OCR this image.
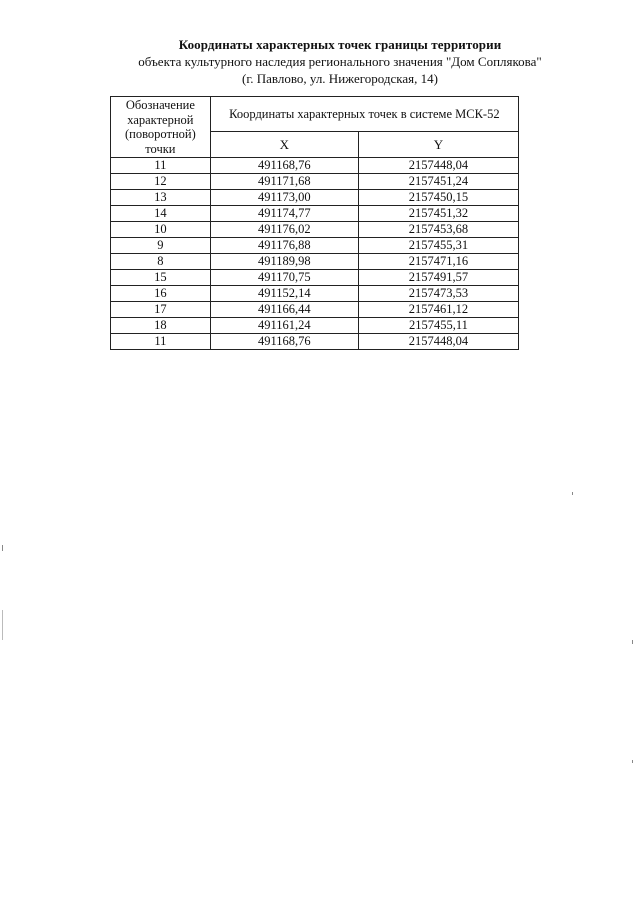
Координаты характерных точек границы территории
объекта культурного наследия регионального значения "Дом Соплякова"
(г. Павлово, ул. Нижегородская, 14)
Обозначение характерной (поворотной) точки	Координаты характерных точек в системе МСК-52	
	X	Y
11	491168,76	2157448,04
12	491171,68	2157451,24
13	491173,00	2157450,15
14	491174,77	2157451,32
10	491176,02	2157453,68
9	491176,88	2157455,31
8	491189,98	2157471,16
15	491170,75	2157491,57
16	491152,14	2157473,53
17	491166,44	2157461,12
18	491161,24	2157455,11
11	491168,76	2157448,04
